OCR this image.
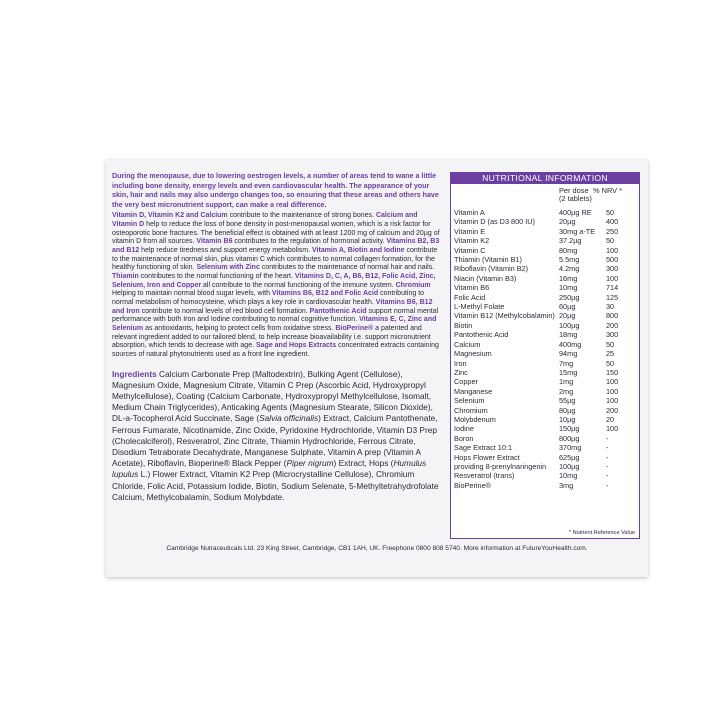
During the menopause, due to lowering oestrogen levels, a number of areas tend to wane a little including bone density, energy levels and even cardiovascular health. The appearance of your skin, hair and nails may also undergo changes too, so ensuring that these areas and others have the very best micronutrient support, can make a real difference.

Vitamin D, Vitamin K2 and Calcium contribute to the maintenance of strong bones. Calcium and Vitamin D help to reduce the loss of bone density in post-menopausal women, which is a risk factor for osteoporotic bone fractures. The beneficial effect is obtained with at least 1200 mg of calcium and 20µg of vitamin D from all sources. Vitamin B6 contributes to the regulation of hormonal activity. Vitamins B2, B3 and B12 help reduce tiredness and support energy metabolism. Vitamin A, Biotin and Iodine contribute to the maintenance of normal skin, plus vitamin C which contributes to normal collagen formation, for the healthy functioning of skin. Selenium with Zinc contributes to the maintenance of normal hair and nails. Thiamin contributes to the normal functioning of the heart. Vitamins D, C, A, B6, B12, Folic Acid, Zinc, Selenium, Iron and Copper all contribute to the normal functioning of the immune system. Chromium Helping to maintain normal blood sugar levels, with Vitamins B6, B12 and Folic Acid contributing to normal metabolism of homocysteine, which plays a key role in cardiovascular health. Vitamins B6, B12 and Iron contribute to normal levels of red blood cell formation. Pantothenic Acid support normal mental performance with both Iron and Iodine contributing to normal cognitive function. Vitamins E, C, Zinc and Selenium as antioxidants, helping to protect cells from oxidative stress. BioPerine® a patented and relevant ingredient added to our tailored blend, to help increase bioavailability i.e. support micronutrient absorption, which tends to decrease with age. Sage and Hops Extracts concentrated extracts containing sources of natural phytonutrients used as a front line ingredient.

Ingredients Calcium Carbonate Prep (Maltodextrin), Bulking Agent (Cellulose), Magnesium Oxide, Magnesium Citrate, Vitamin C Prep (Ascorbic Acid, Hydroxypropyl Methylcellulose), Coating (Calcium Carbonate, Hydroxypropyl Methylcellulose, Isomalt, Medium Chain Triglycerides), Anticaking Agents (Magnesium Stearate, Silicon Dioxide), DL-a-Tocopherol Acid Succinate, Sage (Salvia officinalis) Extract, Calcium Pantothenate, Ferrous Fumarate, Nicotinamide, Zinc Oxide, Pyridoxine Hydrochloride, Vitamin D3 Prep (Cholecalciferol), Resveratrol, Zinc Citrate, Thiamin Hydrochloride, Ferrous Citrate, Disodium Tetraborate Decahydrate, Manganese Sulphate, Vitamin A prep (Vitamin A Acetate), Riboflavin, Bioperine® Black Pepper (Piper nigrum) Extract, Hops (Humulus lupulus L.) Flower Extract, Vitamin K2 Prep (Microcrystalline Cellulose), Chromium Chloride, Folic Acid, Potassium Iodide, Biotin, Sodium Selenate, 5-Methyltetrahydrofolate Calcium, Methylcobalamin, Sodium Molybdate.

NUTRITIONAL INFORMATION
Per dose
(2 tablets)
% NRV *
Vitamin A	400µg RE 50
Vitamin D (as D3 800 IU)	20µg	400
Vitamin E	30mg a-TE 250
Vitamin K2	37.2µg	50
Vitamin C	80mg	100
Thiamin (Vitamin B1)	5.5mg	500
Riboflavin (Vitamin B2)	4.2mg	300
Niacin (Vitamin B3)	16mg	100
Vitamin B6	10mg	714
Folic Acid	250µg	125
L-Methyl Folate	60µg	30
Vitamin B12 (Methylcobalamin) 20µg	800
Biotin	100µg	200
Pantothenic Acid	18mg	300
Calcium	400mg	50
Magnesium	94mg	25
Iron	7mg	50
Zinc	15mg	150
Copper	1mg	100
Manganese	2mg	100
Selenium	55µg	100
Chromium	80µg	200
Molybdenum	10µg	20
Iodine	150µg	100
Boron	800µg	-
Sage Extract 10:1	370mg	-
Hops Flower Extract	625µg	-
providing 8-prenylnaringenin 100µg	-
Resveratrol (trans)	10mg	-
BioPerine®	3mg	-
* Nutrient Reference Value
Cambridge Nutraceuticals Ltd. 23 King Street, Cambridge, CB1 1AH, UK. Freephone 0800 808 5740. More information at FutureYouHealth.com.
